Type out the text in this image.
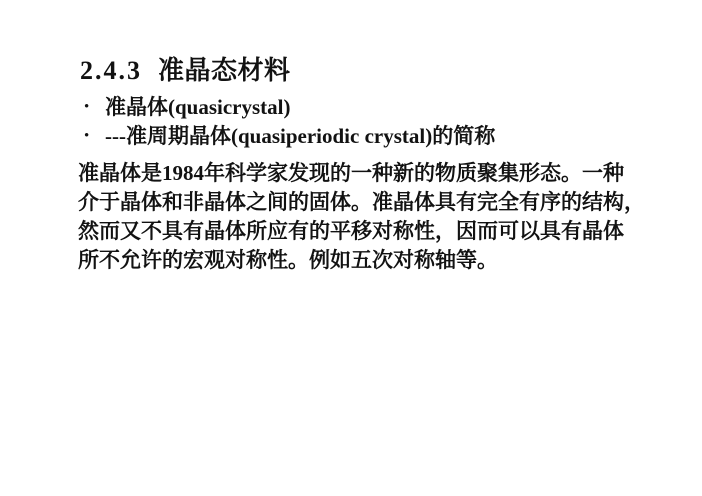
2.4.3 准晶态材料
• 准晶体(quasicrystal)
• ---准周期晶体(quasiperiodic crystal)的简称
准晶体是1984年科学家发现的一种新的物质聚集形态。一种
介于晶体和非晶体之间的固体。准晶体具有完全有序的结构，
然而又不具有晶体所应有的平移对称性，因而可以具有晶体
所不允许的宏观对称性。例如五次对称轴等。
